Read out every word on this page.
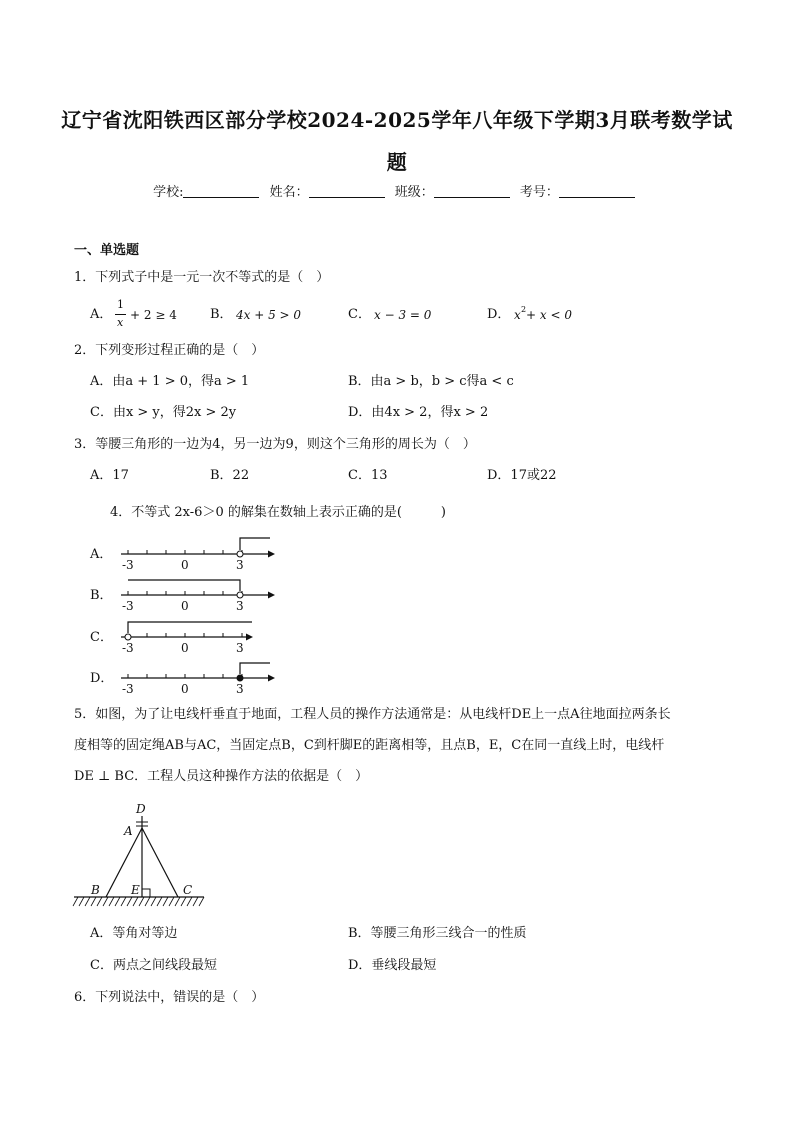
辽宁省沈阳铁西区部分学校2024-2025学年八年级下学期3月联考数学试
题
学校:	姓名：	班级：	考号：
一、单选题
1．下列式子中是一元一次不等式的是（　）
A．
1
x
+ 2 ≥ 4	B． 4x + 5 > 0	C． x − 3 = 0	D． x 2 + x < 0
2．下列变形过程正确的是（　）
A．由a + 1 > 0，得a > 1	B．由a > b，b > c得a < c
C．由x > y，得2x > 2y	D．由4x > 2，得x > 2
3．等腰三角形的一边为4，另一边为9，则这个三角形的周长为（　）
A．17	B．22	C．13	D．17或22
4．不等式 2x-6＞0 的解集在数轴上表示正确的是(　　　)
A．
B．
C．
D．
-3	0	3
-3	0	3
-3	0	3
-3	0	3
5．如图，为了让电线杆垂直于地面，工程人员的操作方法通常是：从电线杆DE上一点A往地面拉两条长
度相等的固定绳AB与AC，当固定点B，C到杆脚E的距离相等，且点B，E，C在同一直线上时，电线杆
DE ⊥ BC．工程人员这种操作方法的依据是（　）
D
A
B	E	C
A．等角对等边	B．等腰三角形三线合一的性质
C．两点之间线段最短	D．垂线段最短
6．下列说法中，错误的是（　）
